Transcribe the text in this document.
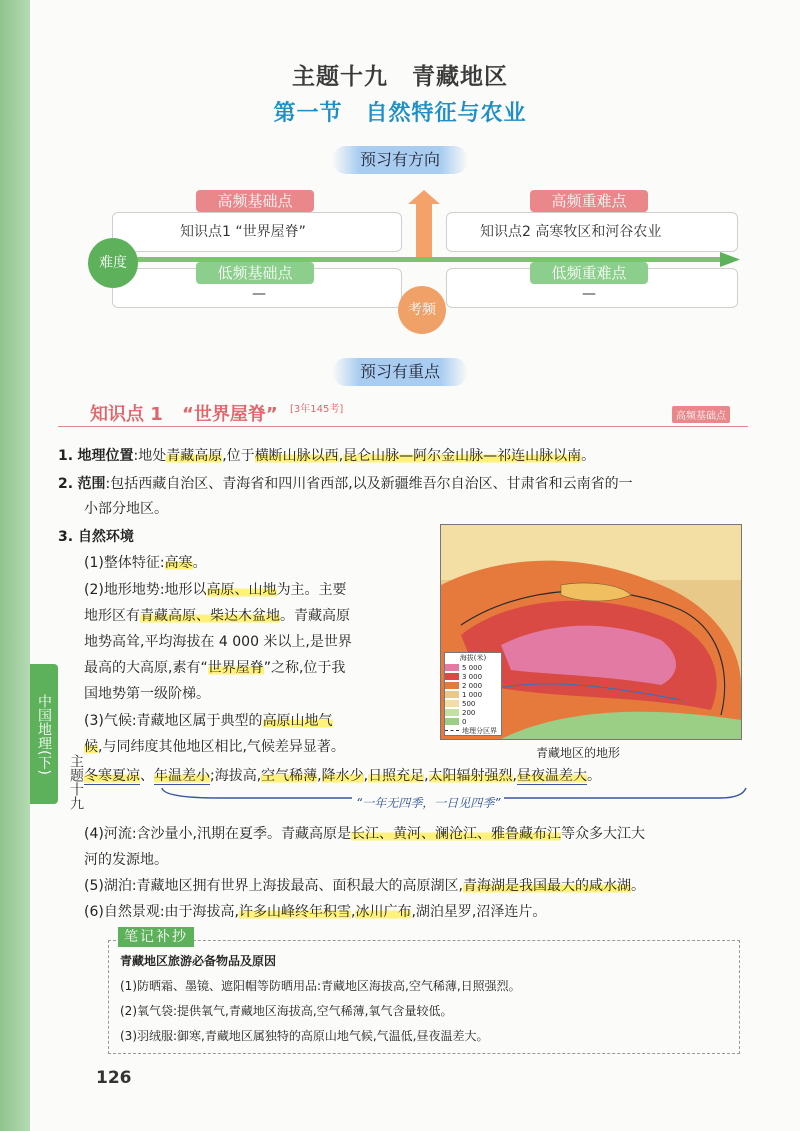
主题十九　青藏地区
第一节　自然特征与农业
预习有方向
高频基础点
知识点1 “世界屋脊”
高频重难点
知识点2 高寒牧区和河谷农业
低频基础点
—
低频重难点
—
难度
考频
预习有重点
知识点 1 “世界屋脊” [3年145考]
高频基础点
1. 地理位置:地处青藏高原,位于横断山脉以西,昆仑山脉—阿尔金山脉—祁连山脉以南。
2. 范围:包括西藏自治区、青海省和四川省西部,以及新疆维吾尔自治区、甘肃省和云南省的一
小部分地区。
3. 自然环境
(1)整体特征:高寒。
(2)地形地势:地形以高原、山地为主。主要
地形区有青藏高原、柴达木盆地。青藏高原
地势高耸,平均海拔在 4 000 米以上,是世界
最高的大高原,素有“世界屋脊”之称,位于我
国地势第一级阶梯。
(3)气候:青藏地区属于典型的高原山地气
候,与同纬度其他地区相比,气候差异显著。
冬寒夏凉、年温差小;海拔高,空气稀薄,降水少,日照充足,太阳辐射强烈,昼夜温差大。
“一年无四季，一日见四季”
(4)河流:含沙量小,汛期在夏季。青藏高原是长江、黄河、澜沧江、雅鲁藏布江等众多大江大
河的发源地。
(5)湖泊:青藏地区拥有世界上海拔最高、面积最大的高原湖区,青海湖是我国最大的咸水湖。
(6)自然景观:由于海拔高,许多山峰终年积雪,冰川广布,湖泊星罗,沼泽连片。
海拔(米)
5 000
3 000
2 000
1 000
500
200
0
地理分区界
青藏地区的地形
笔记补抄
青藏地区旅游必备物品及原因
(1)防晒霜、墨镜、遮阳帽等防晒用品:青藏地区海拔高,空气稀薄,日照强烈。
(2)氧气袋:提供氧气,青藏地区海拔高,空气稀薄,氧气含量较低。
(3)羽绒服:御寒,青藏地区属独特的高原山地气候,气温低,昼夜温差大。
中国地理(下)
主题十九
126
